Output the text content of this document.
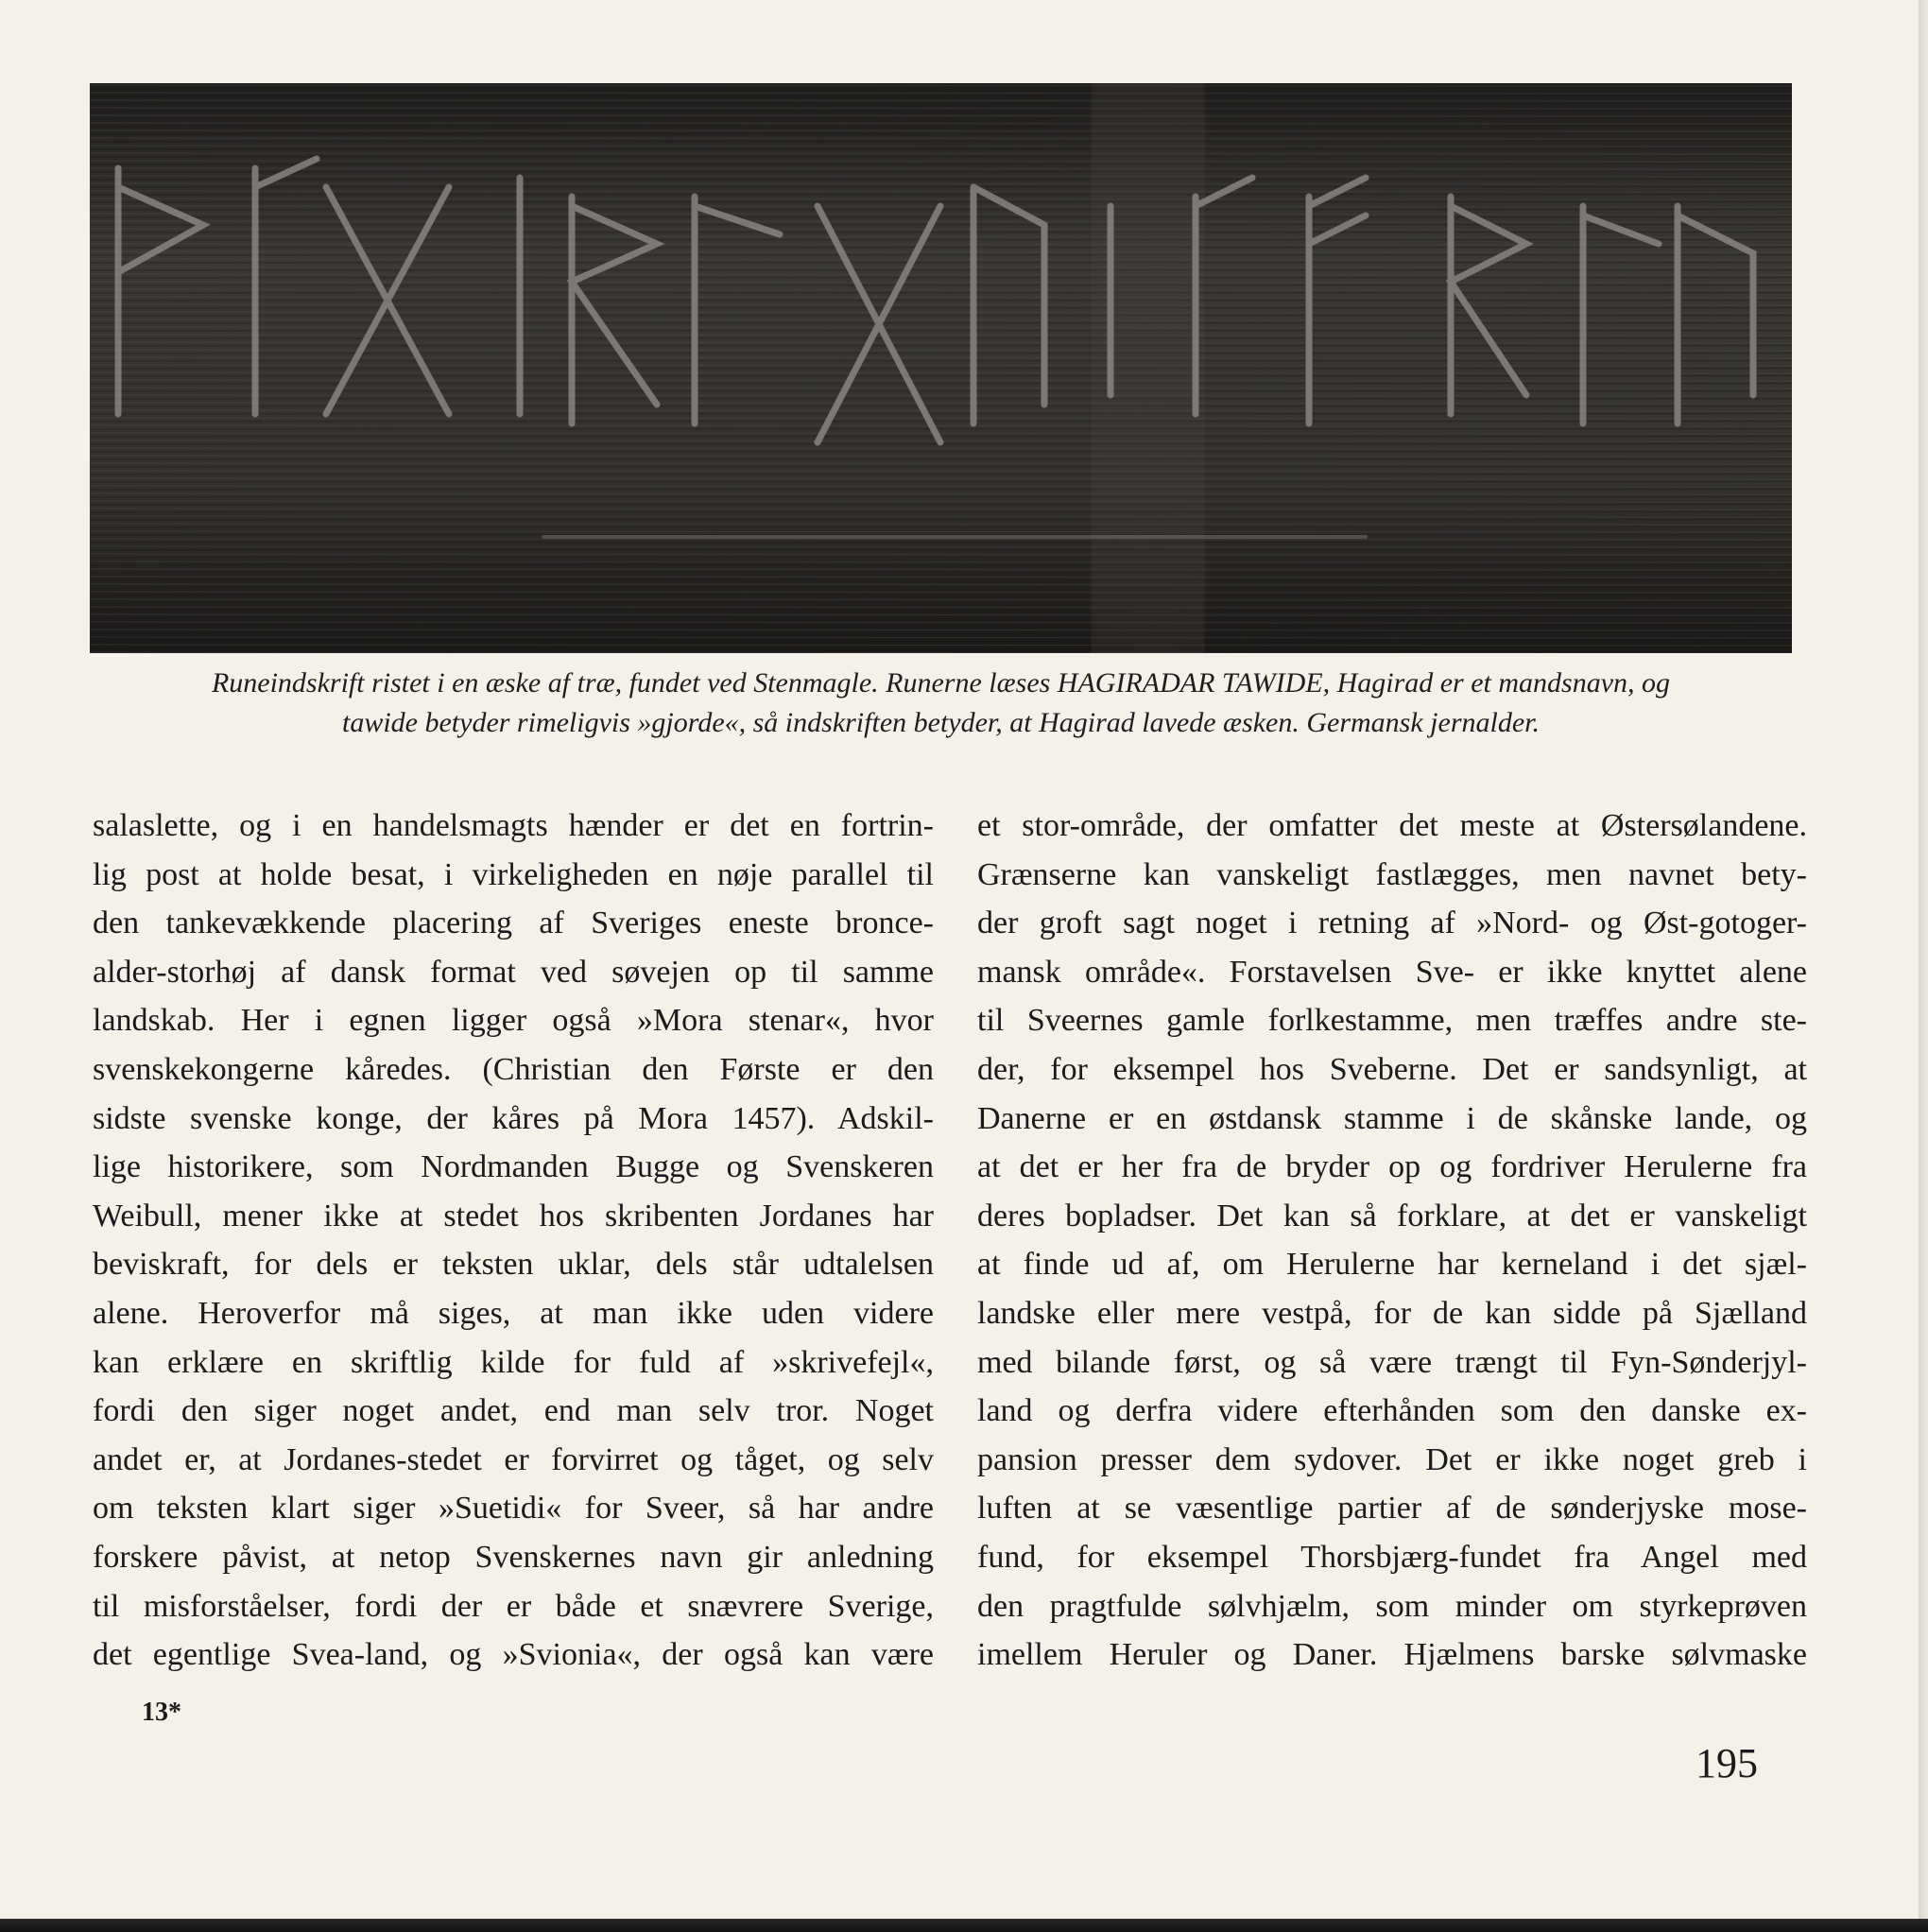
Runeindskrift ristet i en æske af træ, fundet ved Stenmagle. Runerne læses HAGIRADAR TAWIDE, Hagirad er et mandsnavn, og

tawide betyder rimeligvis »gjorde«, så indskriften betyder, at Hagirad lavede æsken. Germansk jernalder.

salaslette, og i en handelsmagts hænder er det en fortrin-
lig post at holde besat, i virkeligheden en nøje parallel til
den tankevækkende placering af Sveriges eneste bronce-
alder-storhøj af dansk format ved søvejen op til samme
landskab. Her i egnen ligger også »Mora stenar«, hvor
svenskekongerne kåredes. (Christian den Første er den
sidste svenske konge, der kåres på Mora 1457). Adskil-
lige historikere, som Nordmanden Bugge og Svenskeren
Weibull, mener ikke at stedet hos skribenten Jordanes har
beviskraft, for dels er teksten uklar, dels står udtalelsen
alene. Heroverfor må siges, at man ikke uden videre
kan erklære en skriftlig kilde for fuld af »skrivefejl«,
fordi den siger noget andet, end man selv tror. Noget
andet er, at Jordanes-stedet er forvirret og tåget, og selv
om teksten klart siger »Suetidi« for Sveer, så har andre
forskere påvist, at netop Svenskernes navn gir anledning
til misforståelser, fordi der er både et snævrere Sverige,
det egentlige Svea-land, og »Svionia«, der også kan være
et stor-område, der omfatter det meste at Østersølandene.
Grænserne kan vanskeligt fastlægges, men navnet bety-
der groft sagt noget i retning af »Nord- og Øst-gotoger-
mansk område«. Forstavelsen Sve- er ikke knyttet alene
til Sveernes gamle forlkestamme, men træffes andre ste-
der, for eksempel hos Sveberne. Det er sandsynligt, at
Danerne er en østdansk stamme i de skånske lande, og
at det er her fra de bryder op og fordriver Herulerne fra
deres bopladser. Det kan så forklare, at det er vanskeligt
at finde ud af, om Herulerne har kerneland i det sjæl-
landske eller mere vestpå, for de kan sidde på Sjælland
med bilande først, og så være trængt til Fyn-Sønderjyl-
land og derfra videre efterhånden som den danske ex-
pansion presser dem sydover. Det er ikke noget greb i
luften at se væsentlige partier af de sønderjyske mose-
fund, for eksempel Thorsbjærg-fundet fra Angel med
den pragtfulde sølvhjælm, som minder om styrkeprøven
imellem Heruler og Daner. Hjælmens barske sølvmaske
13*
195
